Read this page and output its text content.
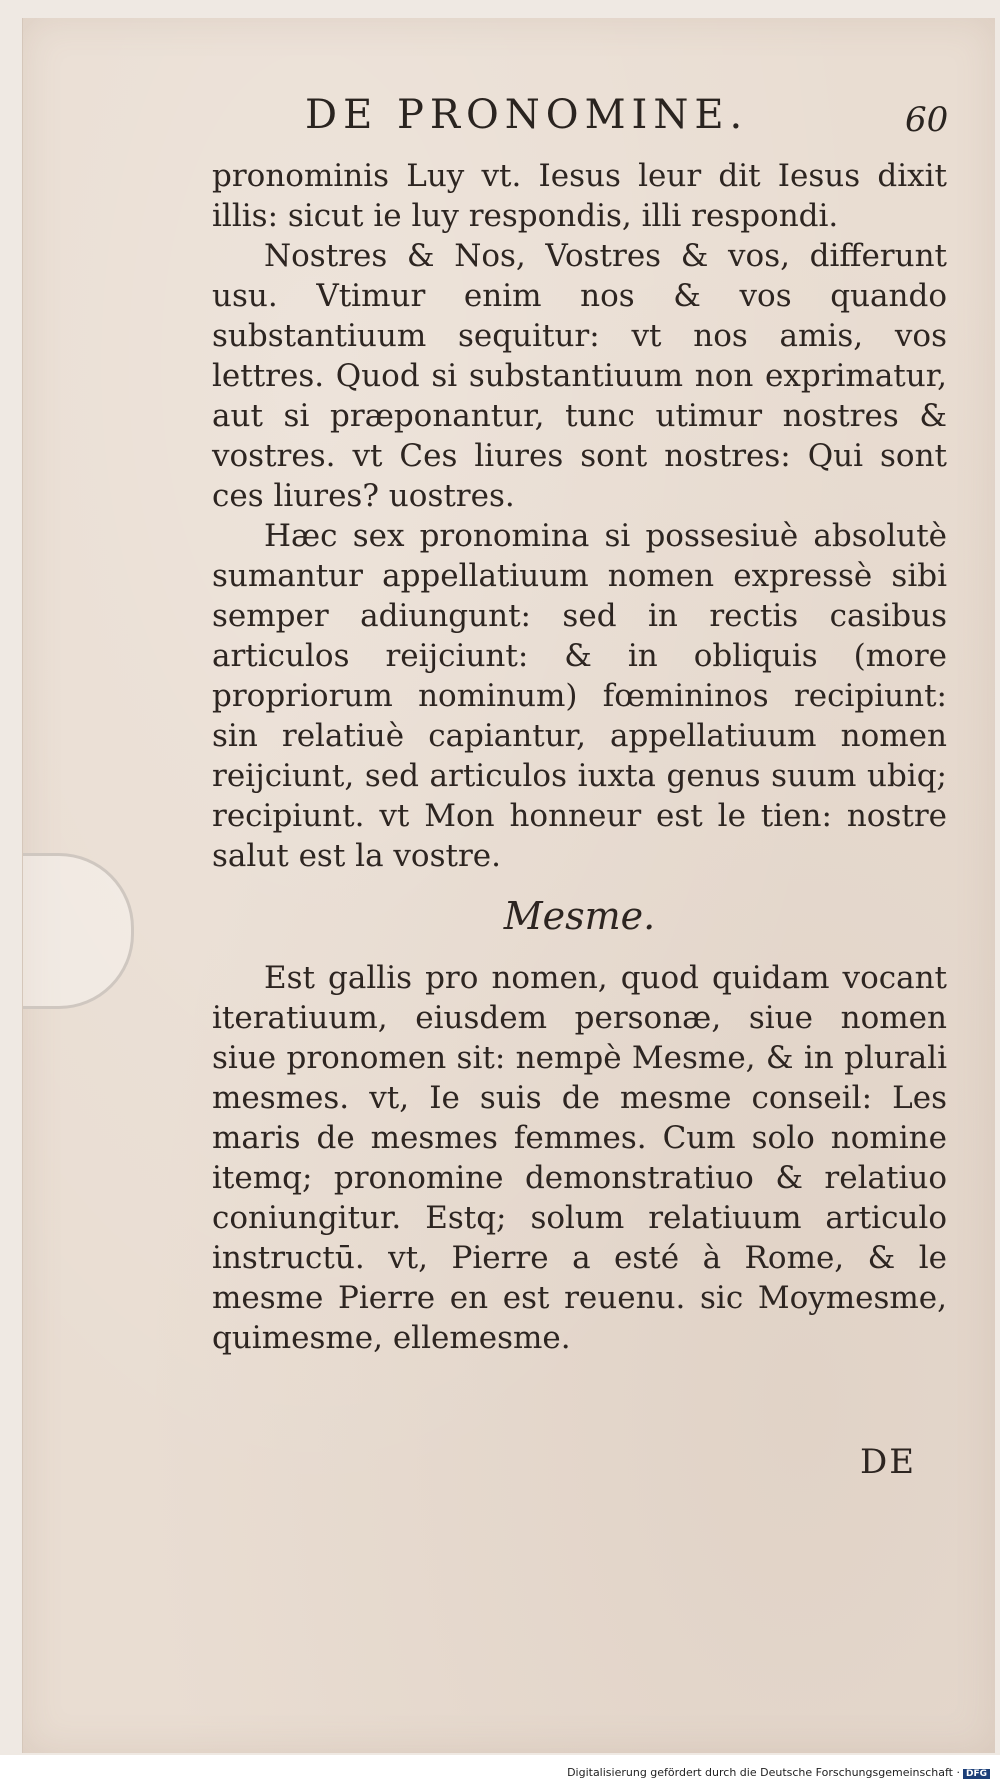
DE PRONOMINE.	60

pronominis Luy vt. Iesus leur dit Iesus dixit illis: sicut ie luy respondis, illi respondi.

Nostres & Nos, Vostres & vos, differunt usu. Vtimur enim nos & vos quando substantiuum sequitur: vt nos amis, vos lettres. Quod si substantiuum non exprimatur, aut si præponantur, tunc utimur nostres & vostres. vt Ces liures sont nostres: Qui sont ces liures? uostres.

Hæc sex pronomina si possesiuè absolutè sumantur appellatiuum nomen expressè sibi semper adiungunt: sed in rectis casibus articulos reijciunt: & in obliquis (more propriorum nominum) fœmininos recipiunt: sin relatiuè capiantur, appellatiuum nomen reijciunt, sed articulos iuxta genus suum ubiq; recipiunt. vt Mon honneur est le tien: nostre salut est la vostre.

Mesme.

Est gallis pro nomen, quod quidam vocant iteratiuum, eiusdem personæ, siue nomen siue pronomen sit: nempè Mesme, & in plurali mesmes. vt, Ie suis de mesme conseil: Les maris de mesmes femmes. Cum solo nomine itemq; pronomine demonstratiuo & relatiuo coniungitur. Estq; solum relatiuum articulo instructū. vt, Pierre a esté à Rome, & le mesme Pierre en est reuenu. sic Moymesme, quimesme, ellemesme.

DE
Digitalisierung gefördert durch die Deutsche Forschungsgemeinschaft · DFG
